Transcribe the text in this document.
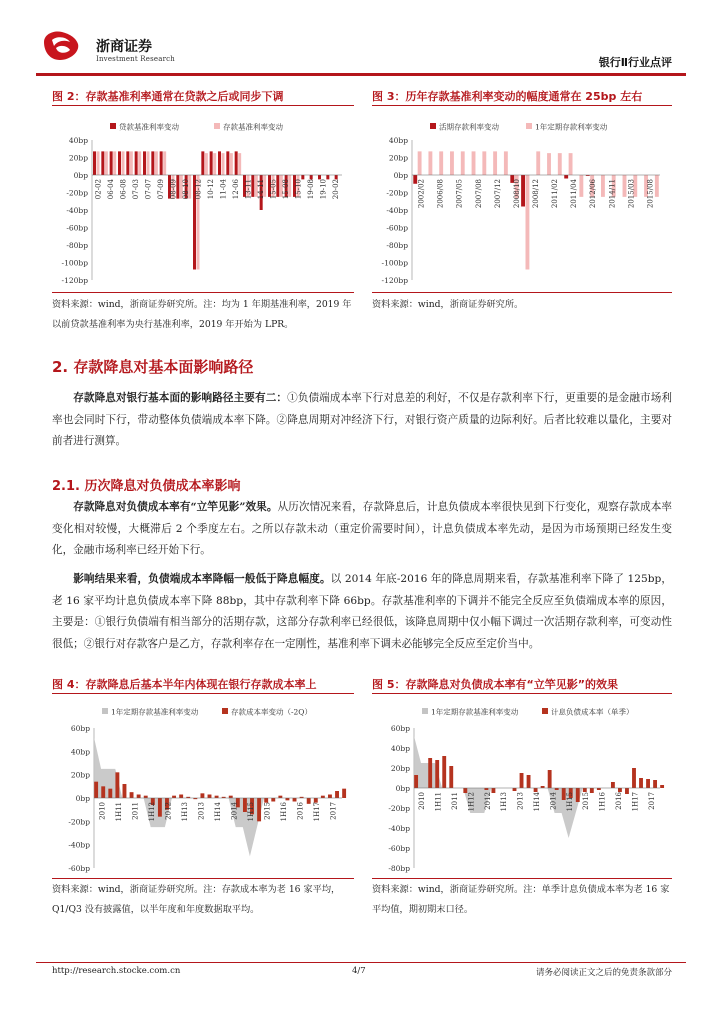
浙商证券
Investment Research	银行Ⅱ行业点评
图 2：存款基准利率通常在贷款之后或同步下调
贷款基准利率变动	存款基准利率变动
40bp
20bp
0bp
-20bp
-40bp
-60bp
-80bp
-100bp
-120bp
02-02 06-04 06-08 07-03 07-07 07-09 08-09 08-10 08-12 10-12 11-04 12-06 13-11 14-11 15-05 15-08 15-10 19-08 19-10 20-02
资料来源：wind，浙商证券研究所。注：均为 1 年期基准利率，2019 年以前贷款基准利率为央行基准利率，2019 年开始为 LPR。
图 3：历年存款基准利率变动的幅度通常在 25bp 左右
活期存款利率变动	1年定期存款利率变动
40bp
20bp
0bp
-20bp
-40bp
-60bp
-80bp
-100bp
-120bp
2002/02 2006/08 2007/05 2007/08 2007/12 2008/10 2008/12 2011/02 2011/04 2012/06 2014/11 2015/03 2015/08
资料来源：wind，浙商证券研究所。
2. 存款降息对基本面影响路径
存款降息对银行基本面的影响路径主要有二：①负债端成本率下行对息差的利好，不仅是存款利率下行，更重要的是金融市场利率也会同时下行，带动整体负债端成本率下降。②降息周期对冲经济下行，对银行资产质量的边际利好。后者比较难以量化，主要对前者进行测算。
2.1. 历次降息对负债成本率影响
存款降息对负债成本率有“立竿见影”效果。从历次情况来看，存款降息后，计息负债成本率很快见到下行变化，观察存款成本率变化相对较慢，大概滞后 2 个季度左右。之所以存款未动（重定价需要时间），计息负债成本率先动，是因为市场预期已经发生变化，金融市场利率已经开始下行。
影响结果来看，负债端成本率降幅一般低于降息幅度。以 2014 年底-2016 年的降息周期来看，存款基准利率下降了 125bp，老 16 家平均计息负债成本率下降 88bp，其中存款利率下降 66bp。存款基准利率的下调并不能完全反应至负债端成本率的原因，主要是：①银行负债端有相当部分的活期存款，这部分存款利率已经很低，该降息周期中仅小幅下调过一次活期存款利率，可变动性很低；②银行对存款客户是乙方，存款利率存在一定刚性，基准利率下调未必能够完全反应至定价当中。
图 4：存款降息后基本半年内体现在银行存款成本率上
1年定期存款基准利率变动	存款成本率变动（-2Q）
60bp
40bp
20bp
0bp
-20bp
-40bp
-60bp
2010 1H11 2011 1H12 2012 1H13 2013 1H14 2014 1H15 2015 1H16 2016 1H17 2017
资料来源：wind，浙商证券研究所。注：存款成本率为老 16 家平均，Q1/Q3 没有披露值，以半年度和年度数据取平均。
图 5：存款降息对负债成本率有“立竿见影”的效果
1年定期存款基准利率变动	计息负债成本率（单季）
60bp
40bp
20bp
0bp
-20bp
-40bp
-60bp
-80bp
2010 1H11 2011 1H12 2012 1H13 2013 1H14 2014 1H15 2015 1H16 2016 1H17 2017
资料来源：wind，浙商证券研究所。注：单季计息负债成本率为老 16 家平均值，期初期末口径。
http://research.stocke.com.cn	4/7	请务必阅读正文之后的免责条款部分
